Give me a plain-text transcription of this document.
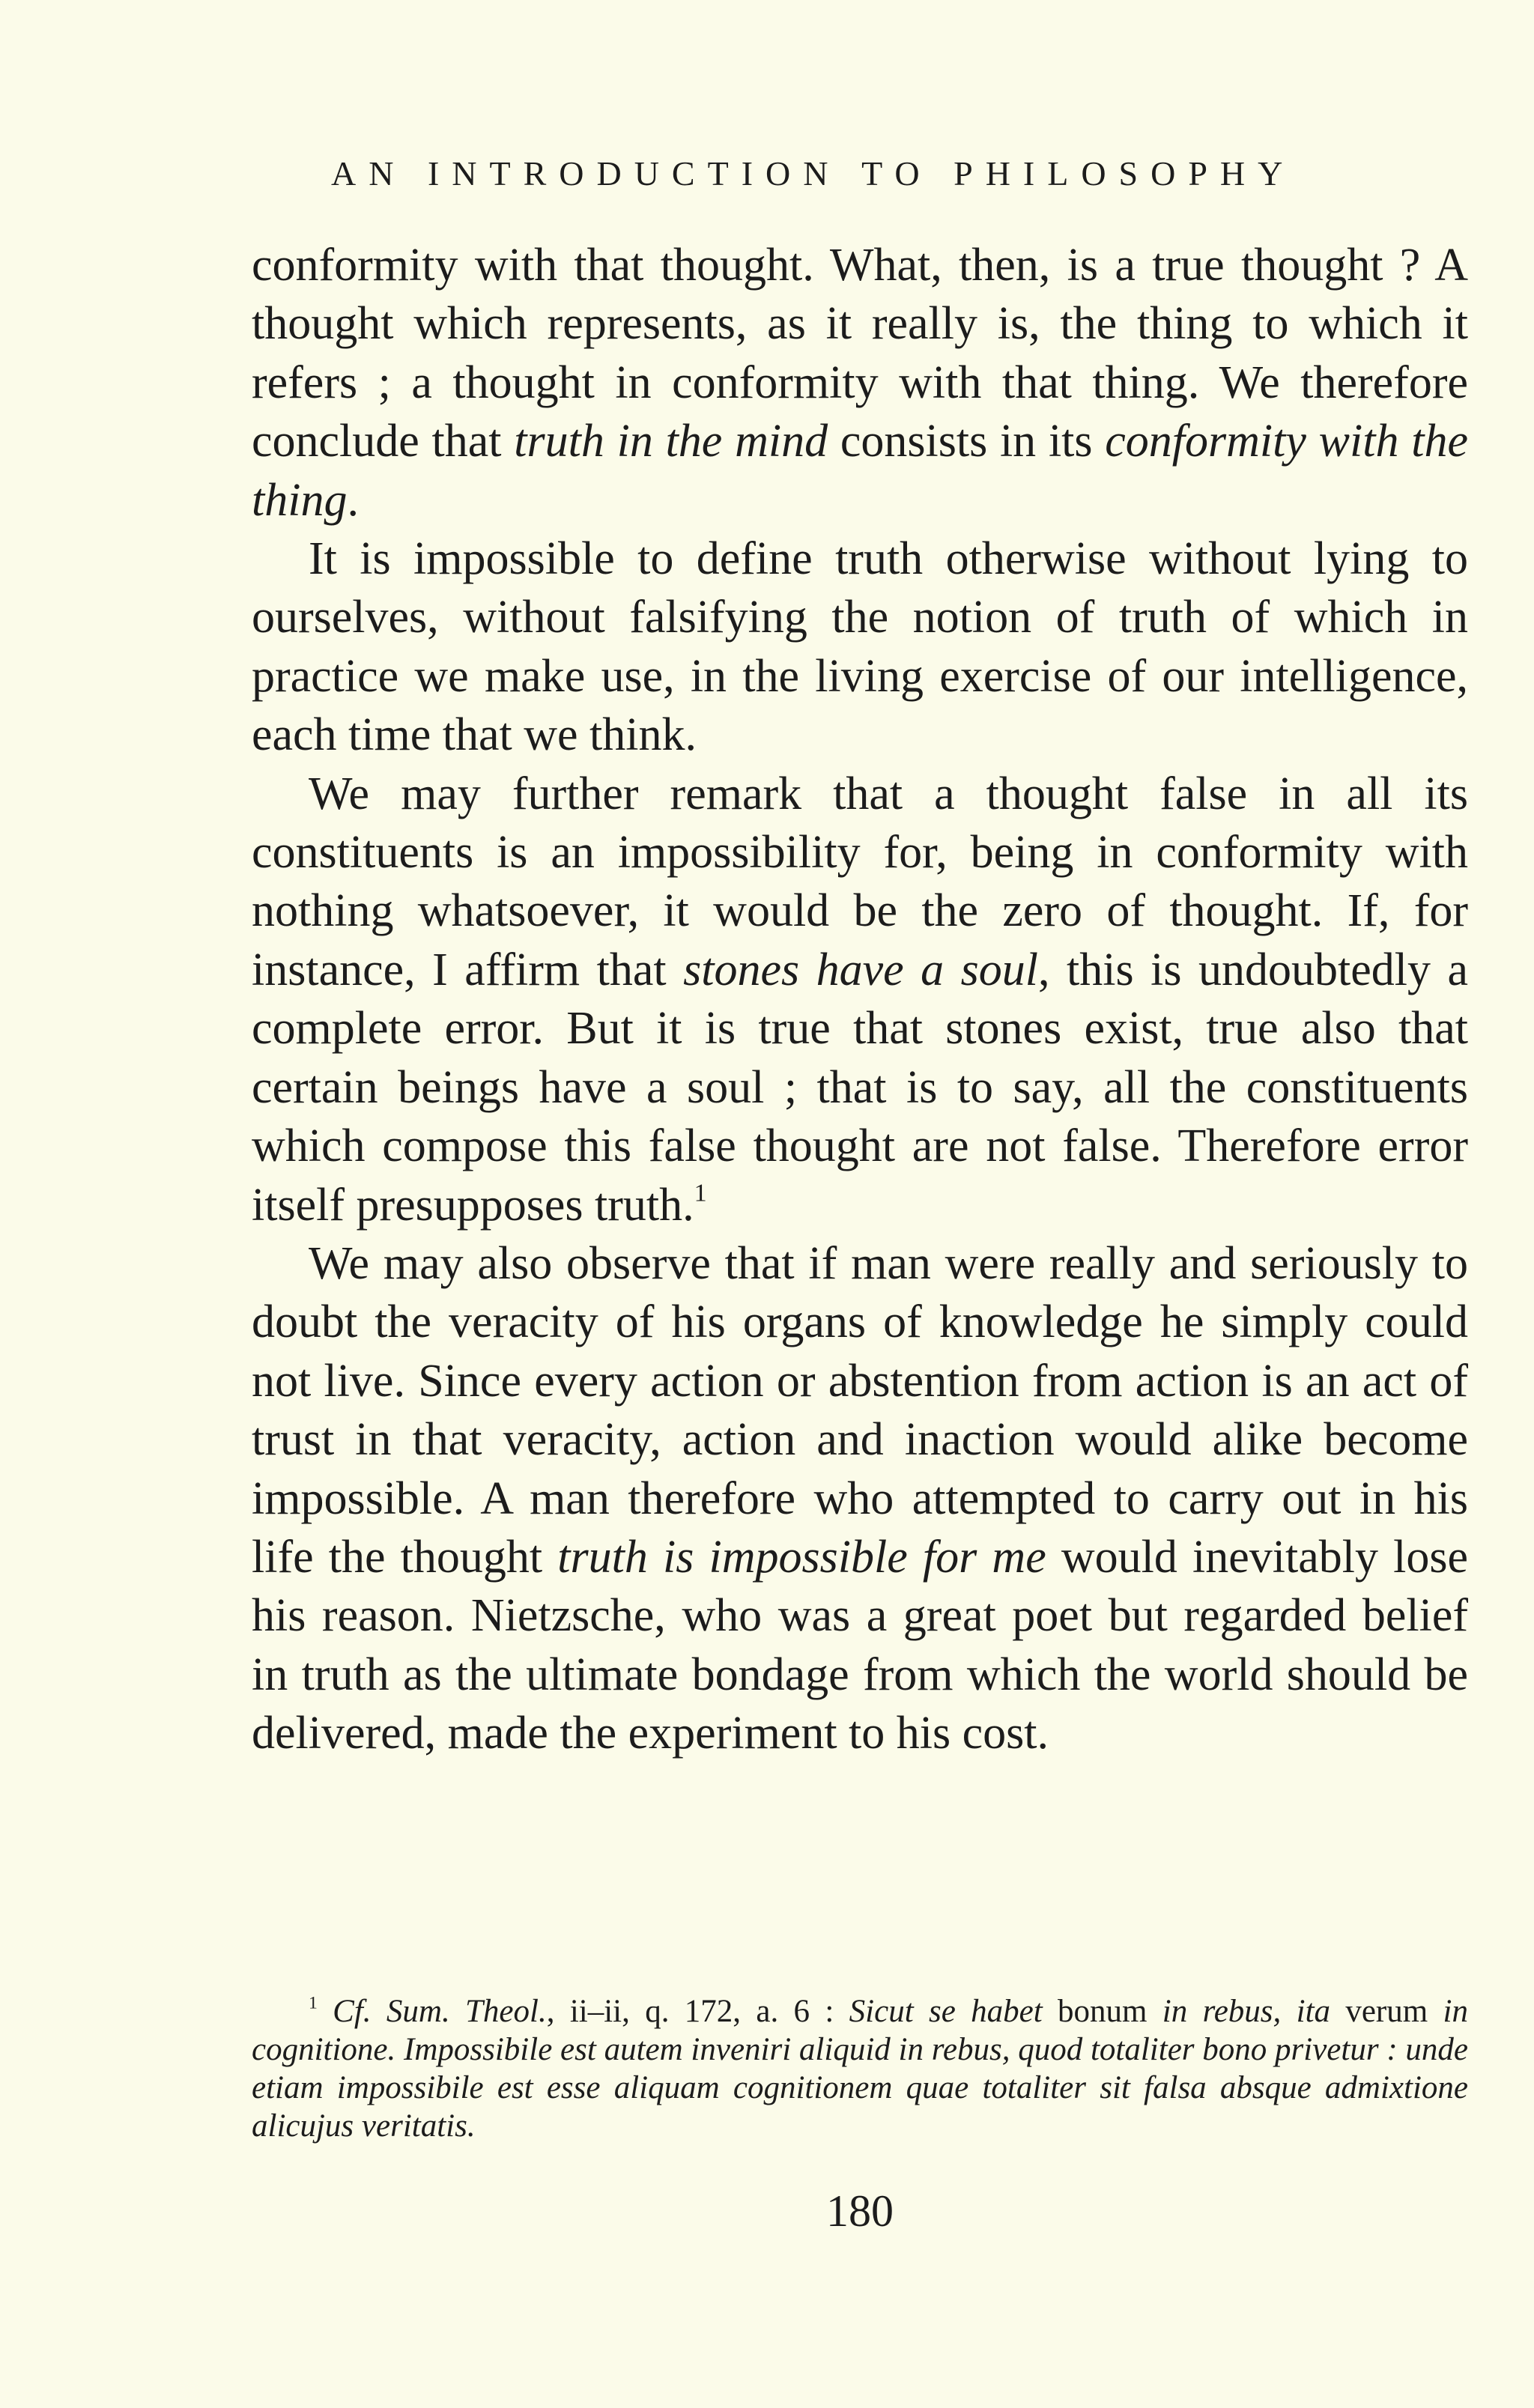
AN INTRODUCTION TO PHILOSOPHY

conformity with that thought. What, then, is a true thought ? A thought which represents, as it really is, the thing to which it refers ; a thought in conformity with that thing. We therefore conclude that truth in the mind consists in its conformity with the thing.

It is impossible to define truth otherwise without lying to ourselves, without falsifying the notion of truth of which in practice we make use, in the living exercise of our intelligence, each time that we think.

We may further remark that a thought false in all its constituents is an impossibility for, being in conformity with nothing whatsoever, it would be the zero of thought. If, for instance, I affirm that stones have a soul, this is undoubtedly a complete error. But it is true that stones exist, true also that certain beings have a soul ; that is to say, all the constituents which compose this false thought are not false. Therefore error itself presupposes truth.$^1$

We may also observe that if man were really and seriously to doubt the veracity of his organs of knowledge he simply could not live. Since every action or abstention from action is an act of trust in that veracity, action and inaction would alike become impossible. A man therefore who attempted to carry out in his life the thought truth is impossible for me would inevitably lose his reason. Nietzsche, who was a great poet but regarded belief in truth as the ultimate bondage from which the world should be delivered, made the experiment to his cost.

$^1$ Cf. Sum. Theol., ii–ii, q. 172, a. 6 : Sicut se habet bonum in rebus, ita verum in cognitione. Impossibile est autem inveniri aliquid in rebus, quod totaliter bono privetur : unde etiam impossibile est esse aliquam cognitionem quae totaliter sit falsa absque admixtione alicujus veritatis.

180
